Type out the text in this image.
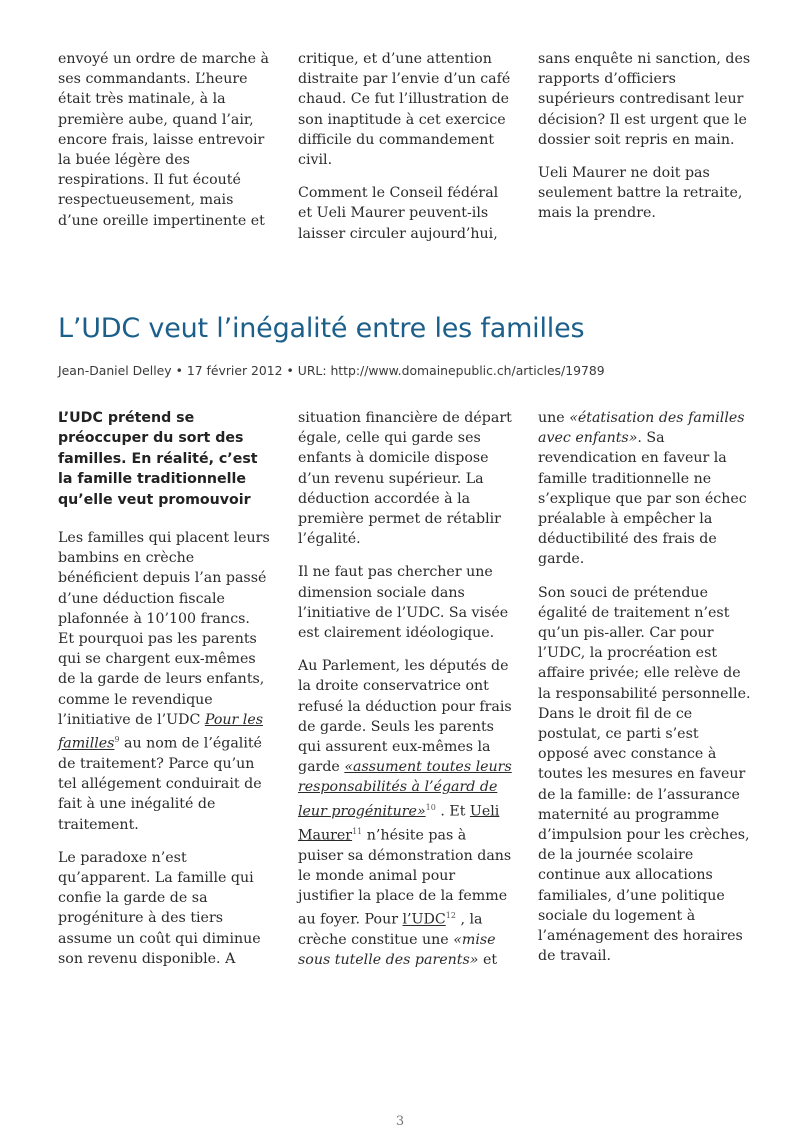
envoyé un ordre de marche à ses commandants. L’heure était très matinale, à la première aube, quand l’air, encore frais, laisse entrevoir la buée légère des respirations. Il fut écouté respectueusement, mais d’une oreille impertinente et

critique, et d’une attention distraite par l’envie d’un café chaud. Ce fut l’illustration de son inaptitude à cet exercice difficile du commandement civil.

Comment le Conseil fédéral et Ueli Maurer peuvent-ils laisser circuler aujourd’hui,

sans enquête ni sanction, des rapports d’officiers supérieurs contredisant leur décision? Il est urgent que le dossier soit repris en main.

Ueli Maurer ne doit pas seulement battre la retraite, mais la prendre.

L’UDC veut l’inégalité entre les familles

Jean-Daniel Delley • 17 février 2012 • URL: http://www.domainepublic.ch/articles/19789

L’UDC prétend se préoccuper du sort des familles. En réalité, c’est la famille traditionnelle qu’elle veut promouvoir

Les familles qui placent leurs bambins en crèche bénéficient depuis l’an passé d’une déduction fiscale plafonnée à 10’100 francs. Et pourquoi pas les parents qui se chargent eux-mêmes de la garde de leurs enfants, comme le revendique l’initiative de l’UDC Pour les familles$^9$ au nom de l’égalité de traitement? Parce qu’un tel allégement conduirait de fait à une inégalité de traitement.

Le paradoxe n’est qu’apparent. La famille qui confie la garde de sa progéniture à des tiers assume un coût qui diminue son revenu disponible. A

situation financière de départ égale, celle qui garde ses enfants à domicile dispose d’un revenu supérieur. La déduction accordée à la première permet de rétablir l’égalité.

Il ne faut pas chercher une dimension sociale dans l’initiative de l’UDC. Sa visée est clairement idéologique.

Au Parlement, les députés de la droite conservatrice ont refusé la déduction pour frais de garde. Seuls les parents qui assurent eux-mêmes la garde «assument toutes leurs responsabilités à l’égard de leur progéniture»$^{10}$ . Et Ueli Maurer$^{11}$ n’hésite pas à puiser sa démonstration dans le monde animal pour justifier la place de la femme au foyer. Pour l’UDC$^{12}$ , la crèche constitue une «mise sous tutelle des parents» et

une «étatisation des familles avec enfants». Sa revendication en faveur la famille traditionnelle ne s’explique que par son échec préalable à empêcher la déductibilité des frais de garde.

Son souci de prétendue égalité de traitement n’est qu’un pis-aller. Car pour l’UDC, la procréation est affaire privée; elle relève de la responsabilité personnelle. Dans le droit fil de ce postulat, ce parti s’est opposé avec constance à toutes les mesures en faveur de la famille: de l’assurance maternité au programme d’impulsion pour les crèches, de la journée scolaire continue aux allocations familiales, d’une politique sociale du logement à l’aménagement des horaires de travail.

3
